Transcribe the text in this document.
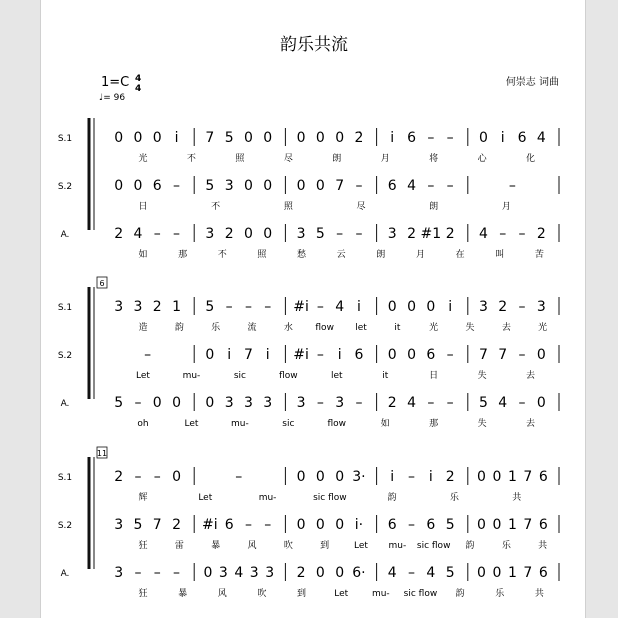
韵乐共流
1=C 4
4
♩= 96
何崇志 词曲
S.1	0 0 0 i 7 5 0 0 0 0 0 2̇ i 6 – – 0 i 6 4
光	不	照	尽	朗	月	将	心	化
S.2	0 0 6 – 5 3 0 0 0 0 7 – 6 4 – –	–
日	不	照	尽	朗	月
A.	2 4 – – 3 2 0 0 3 5 – – 3 2 #1 2 4 – – 2
如	那	不	照	愁	云	朗	月	在	叫	苦
6
S.1	3 3 2 1 5 – – – #i – 4 i 0 0 0 i 3 2 – 3
造	韵	乐	流	水	flow let	it	光	失	去	光
S.2	–	0 i 7 i #i – i 6 0 0 6 – 7 7 – 0
Let	mu-	sic	flow	let	it	日	失	去
A.	5 – 0 0 0 3 3 3 3 – 3 – 2 4 – – 5 4 – 0
oh	Let	mu-	sic	flow	如	那	失	去
11
S.1	2 – – 0	–	0 0 0 3· i – i 2 0 0 1 7 6
辉	Let	mu-	sic flow	韵	乐	共
S.2	3 5 7 2 #i 6 – – 0 0 0 i· 6 – 6 5 0 0 1 7 6
狂	雷	暴	风	吹	到	Let mu- sic flow 韵	乐	共
A.	3 – – – 0 3 4 3 3 2 0 0 6· 4 – 4 5 0 0 1 7 6
狂	暴	风	吹	到	Let	mu- sic flow 韵	乐	共
